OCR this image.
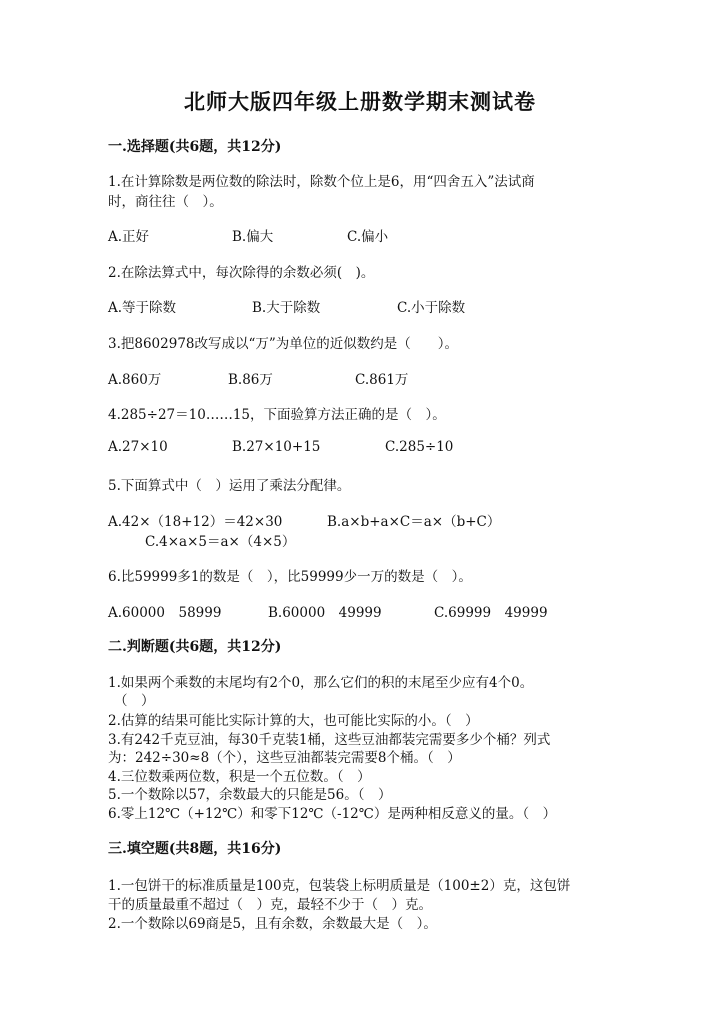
北师大版四年级上册数学期末测试卷
一.选择题(共6题，共12分)
1.在计算除数是两位数的除法时，除数个位上是6，用“四舍五入”法试商
时，商往往（　）。
A.正好	B.偏大	C.偏小
2.在除法算式中，每次除得的余数必须(　)。
A.等于除数	B.大于除数	C.小于除数
3.把8602978改写成以“万”为单位的近似数约是（　　）。
A.860万	B.86万	C.861万
4.285÷27＝10……15，下面验算方法正确的是（　）。
A.27×10	B.27×10+15	C.285÷10
5.下面算式中（　）运用了乘法分配律。
A.42×（18+12）＝42×30	B.a×b+a×C＝a×（b+C）
C.4×a×5＝a×（4×5）
6.比59999多1的数是（　），比59999少一万的数是（　）。
A.60000　58999	B.60000　49999	C.69999　49999
二.判断题(共6题，共12分)
1.如果两个乘数的末尾均有2个0，那么它们的积的末尾至少应有4个0。
（　）
2.估算的结果可能比实际计算的大，也可能比实际的小。（　）
3.有242千克豆油，每30千克装1桶，这些豆油都装完需要多少个桶？列式
为：242÷30≈8（个），这些豆油都装完需要8个桶。（　）
4.三位数乘两位数，积是一个五位数。（　）
5.一个数除以57，余数最大的只能是56。（　）
6.零上12℃（+12℃）和零下12℃（-12℃）是两种相反意义的量。（　）
三.填空题(共8题，共16分)
1.一包饼干的标准质量是100克，包装袋上标明质量是（100±2）克，这包饼
干的质量最重不超过（　）克，最轻不少于（　）克。
2.一个数除以69商是5，且有余数，余数最大是（　）。
